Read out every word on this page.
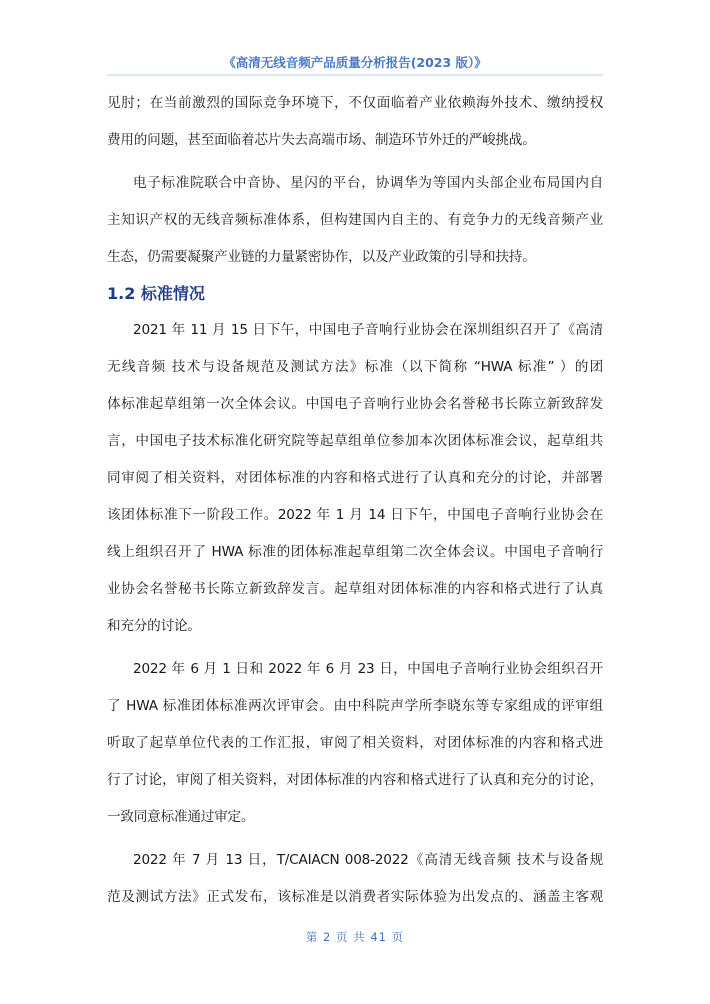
《高清无线音频产品质量分析报告(2023 版）》
见肘；在当前激烈的国际竞争环境下，不仅面临着产业依赖海外技术、缴纳授权
费用的问题，甚至面临着芯片失去高端市场、制造环节外迁的严峻挑战。
电子标准院联合中音协、星闪的平台，协调华为等国内头部企业布局国内自
主知识产权的无线音频标准体系，但构建国内自主的、有竞争力的无线音频产业
生态，仍需要凝聚产业链的力量紧密协作，以及产业政策的引导和扶持。
1.2 标准情况
2021 年 11 月 15 日下午，中国电子音响行业协会在深圳组织召开了《高清
无线音频 技术与设备规范及测试方法》标准（以下简称 “HWA 标准” ）的团
体标准起草组第一次全体会议。中国电子音响行业协会名誉秘书长陈立新致辞发
言，中国电子技术标准化研究院等起草组单位参加本次团体标准会议，起草组共
同审阅了相关资料，对团体标准的内容和格式进行了认真和充分的讨论，并部署
该团体标准下一阶段工作。2022 年 1 月 14 日下午，中国电子音响行业协会在
线上组织召开了 HWA 标准的团体标准起草组第二次全体会议。中国电子音响行
业协会名誉秘书长陈立新致辞发言。起草组对团体标准的内容和格式进行了认真
和充分的讨论。
2022 年 6 月 1 日和 2022 年 6 月 23 日，中国电子音响行业协会组织召开
了 HWA 标准团体标准两次评审会。由中科院声学所李晓东等专家组成的评审组
听取了起草单位代表的工作汇报，审阅了相关资料，对团体标准的内容和格式进
行了讨论，审阅了相关资料，对团体标准的内容和格式进行了认真和充分的讨论，
一致同意标准通过审定。
2022 年 7 月 13 日，T/CAIACN 008-2022《高清无线音频 技术与设备规
范及测试方法》正式发布，该标准是以消费者实际体验为出发点的、涵盖主客观
第 2 页 共 41 页
